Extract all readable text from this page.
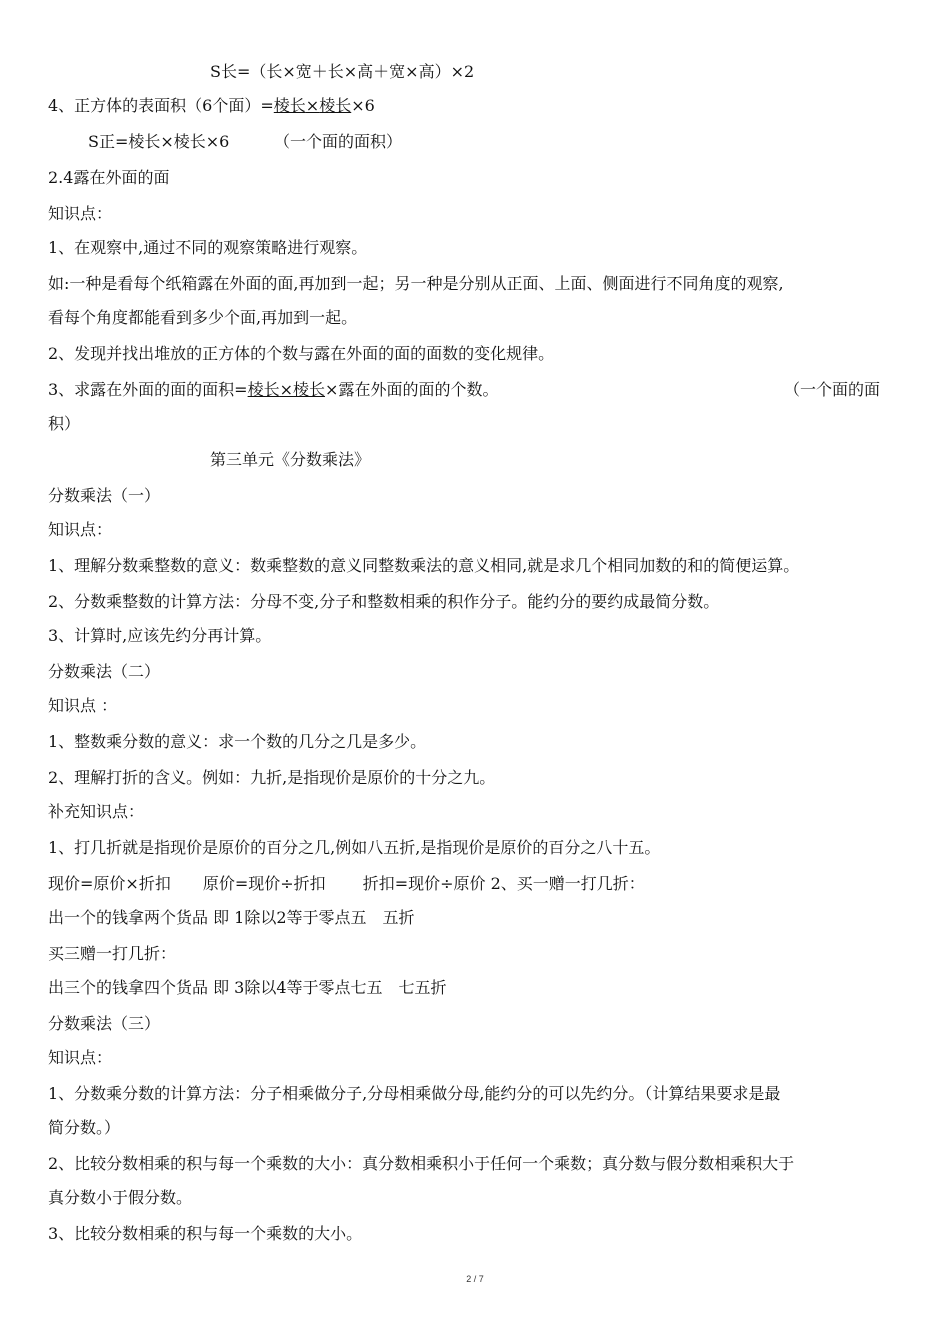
S长=（长×宽＋长×高＋宽×高）×2
4、正方体的表面积（6个面）=棱长×棱长×6
S正=棱长×棱长×6	（一个面的面积）
2.4露在外面的面
知识点：
1、在观察中,通过不同的观察策略进行观察。
如:一种是看每个纸箱露在外面的面,再加到一起；另一种是分别从正面、上面、侧面进行不同角度的观察,
看每个角度都能看到多少个面,再加到一起。
2、发现并找出堆放的正方体的个数与露在外面的面的面数的变化规律。
3、求露在外面的面的面积=棱长×棱长×露在外面的面的个数。	（一个面的面
积）
第三单元《分数乘法》
分数乘法（一）
知识点：
1、理解分数乘整数的意义：数乘整数的意义同整数乘法的意义相同,就是求几个相同加数的和的简便运算。
2、分数乘整数的计算方法：分母不变,分子和整数相乘的积作分子。能约分的要约成最简分数。
3、计算时,应该先约分再计算。
分数乘法（二）
知识点 ：
1、整数乘分数的意义：求一个数的几分之几是多少。
2、理解打折的含义。例如：九折,是指现价是原价的十分之九。
补充知识点：
1、打几折就是指现价是原价的百分之几,例如八五折,是指现价是原价的百分之八十五。
现价=原价×折扣　　原价=现价÷折扣　　 折扣=现价÷原价 2、买一赠一打几折：
出一个的钱拿两个货品 即 1除以2等于零点五　五折
买三赠一打几折：
出三个的钱拿四个货品 即 3除以4等于零点七五　七五折
分数乘法（三）
知识点：
1、分数乘分数的计算方法：分子相乘做分子,分母相乘做分母,能约分的可以先约分。（计算结果要求是最
简分数。）
2、比较分数相乘的积与每一个乘数的大小：真分数相乘积小于任何一个乘数；真分数与假分数相乘积大于
真分数小于假分数。
3、比较分数相乘的积与每一个乘数的大小。
2 / 7
